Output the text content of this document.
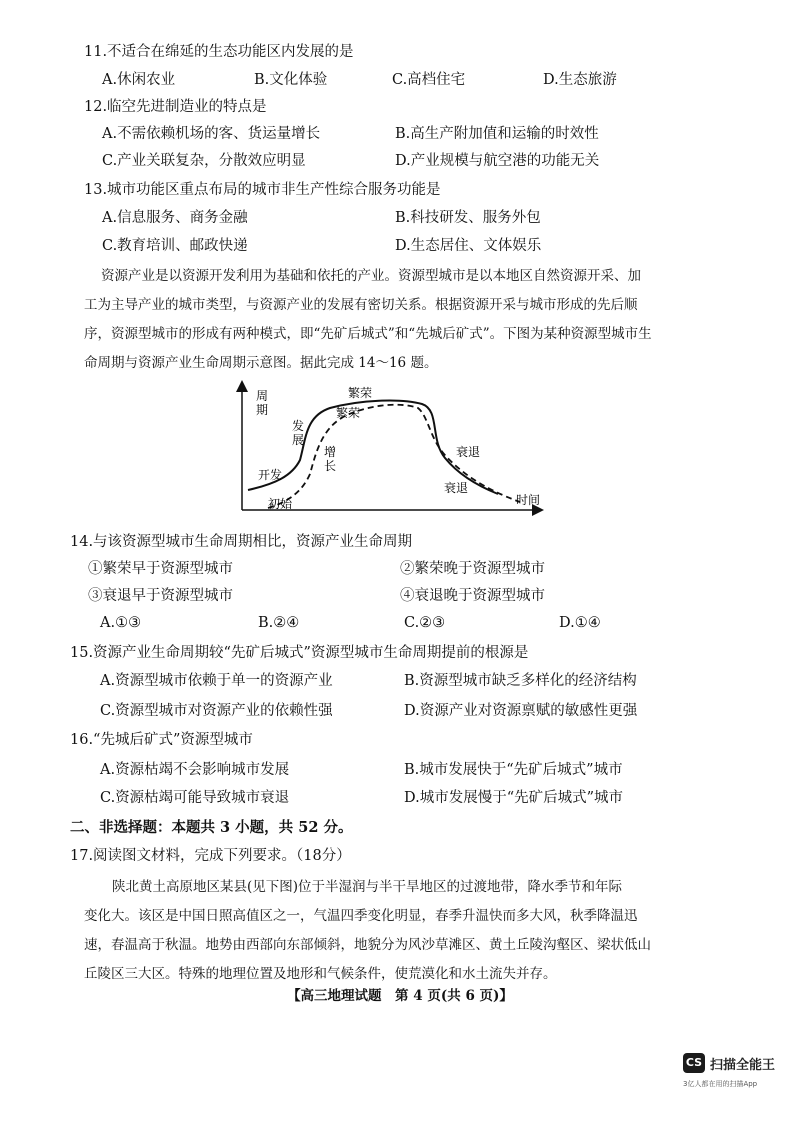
11.不适合在绵延的生态功能区内发展的是
A.休闲农业	B.文化体验	C.高档住宅	D.生态旅游
12.临空先进制造业的特点是
A.不需依赖机场的客、货运量增长	B.高生产附加值和运输的时效性
C.产业关联复杂，分散效应明显	D.产业规模与航空港的功能无关
13.城市功能区重点布局的城市非生产性综合服务功能是
A.信息服务、商务金融	B.科技研发、服务外包
C.教育培训、邮政快递	D.生态居住、文体娱乐
资源产业是以资源开发利用为基础和依托的产业。资源型城市是以本地区自然资源开采、加
工为主导产业的城市类型，与资源产业的发展有密切关系。根据资源开采与城市形成的先后顺
序，资源型城市的形成有两种模式，即“先矿后城式”和“先城后矿式”。下图为某种资源型城市生
命周期与资源产业生命周期示意图。据此完成 14～16 题。
周
期
时间
开发
发
展
繁荣
衰退
初始
增
长
繁荣
衰退
14.与该资源型城市生命周期相比，资源产业生命周期
①繁荣早于资源型城市	②繁荣晚于资源型城市
③衰退早于资源型城市	④衰退晚于资源型城市
A.①③	B.②④	C.②③	D.①④
15.资源产业生命周期较“先矿后城式”资源型城市生命周期提前的根源是
A.资源型城市依赖于单一的资源产业	B.资源型城市缺乏多样化的经济结构
C.资源型城市对资源产业的依赖性强	D.资源产业对资源禀赋的敏感性更强
16.“先城后矿式”资源型城市
A.资源枯竭不会影响城市发展	B.城市发展快于“先矿后城式”城市
C.资源枯竭可能导致城市衰退	D.城市发展慢于“先矿后城式”城市
二、非选择题：本题共 3 小题，共 52 分。
17.阅读图文材料，完成下列要求。（18分）
陕北黄土高原地区某县(见下图)位于半湿润与半干旱地区的过渡地带，降水季节和年际
变化大。该区是中国日照高值区之一，气温四季变化明显，春季升温快而多大风，秋季降温迅
速，春温高于秋温。地势由西部向东部倾斜，地貌分为风沙草滩区、黄土丘陵沟壑区、梁状低山
丘陵区三大区。特殊的地理位置及地形和气候条件，使荒漠化和水土流失并存。
【高三地理试题　第 4 页(共 6 页)】
CS 扫描全能王
3亿人都在用的扫描App
